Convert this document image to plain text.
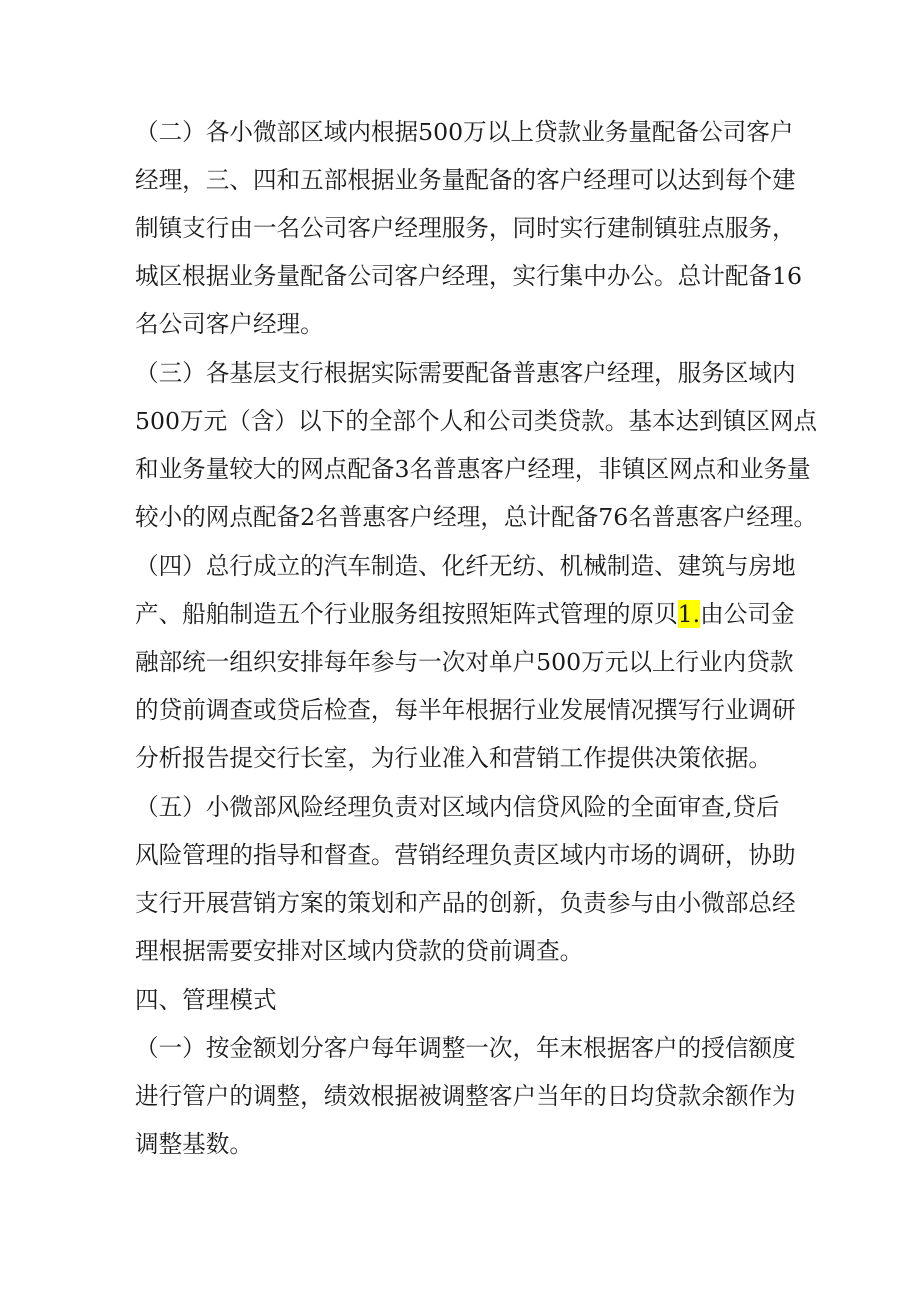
（二）各小微部区域内根据500万以上贷款业务量配备公司客户
经理，三、四和五部根据业务量配备的客户经理可以达到每个建
制镇支行由一名公司客户经理服务，同时实行建制镇驻点服务，
城区根据业务量配备公司客户经理，实行集中办公。总计配备16
名公司客户经理。
（三）各基层支行根据实际需要配备普惠客户经理，服务区域内
500万元（含）以下的全部个人和公司类贷款。基本达到镇区网点
和业务量较大的网点配备3名普惠客户经理，非镇区网点和业务量
较小的网点配备2名普惠客户经理，总计配备76名普惠客户经理。
（四）总行成立的汽车制造、化纤无纺、机械制造、建筑与房地
产、船舶制造五个行业服务组按照矩阵式管理的原贝1.由公司金
融部统一组织安排每年参与一次对单户500万元以上行业内贷款
的贷前调查或贷后检查，每半年根据行业发展情况撰写行业调研
分析报告提交行长室，为行业准入和营销工作提供决策依据。
（五）小微部风险经理负责对区域内信贷风险的全面审查,贷后
风险管理的指导和督查。营销经理负责区域内市场的调研，协助
支行开展营销方案的策划和产品的创新，负责参与由小微部总经
理根据需要安排对区域内贷款的贷前调查。
四、管理模式
（一）按金额划分客户每年调整一次，年末根据客户的授信额度
进行管户的调整，绩效根据被调整客户当年的日均贷款余额作为
调整基数。
